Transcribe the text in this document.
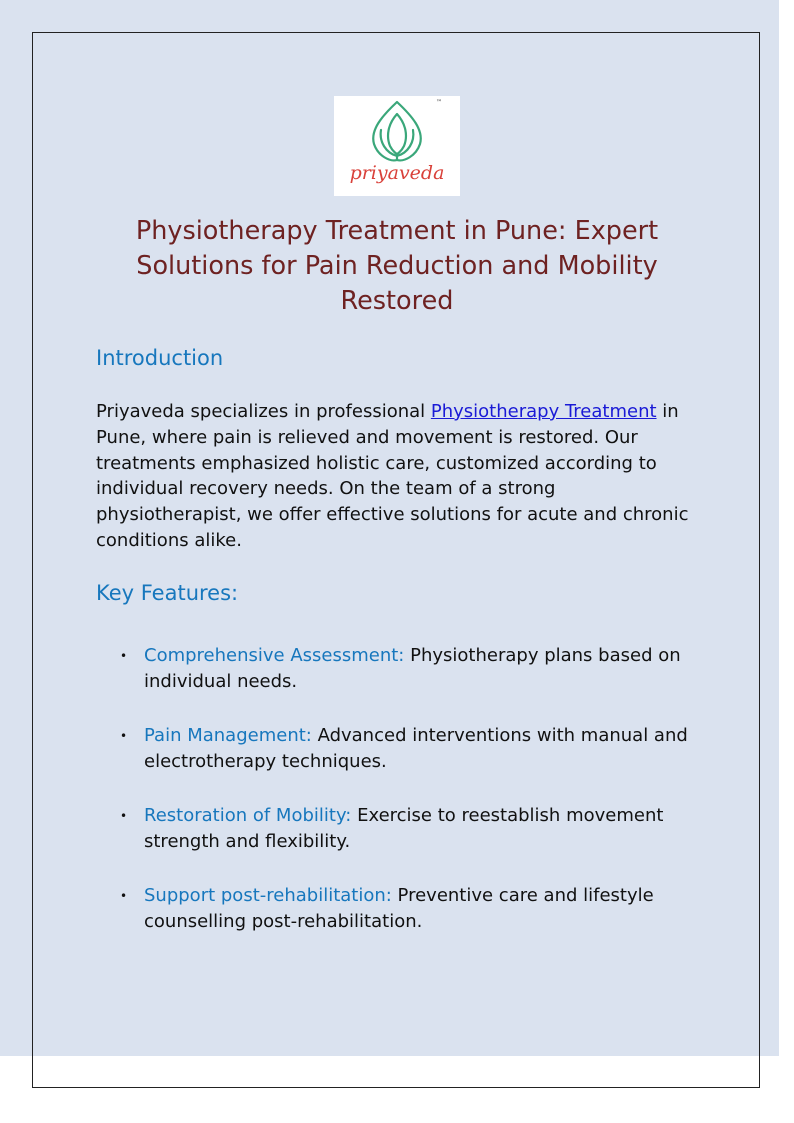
™
priyaveda
Physiotherapy Treatment in Pune: Expert Solutions for Pain Reduction and Mobility Restored
Introduction

Priyaveda specializes in professional Physiotherapy Treatment in Pune, where pain is relieved and movement is restored. Our treatments emphasized holistic care, customized according to individual recovery needs. On the team of a strong physiotherapist, we offer effective solutions for acute and chronic conditions alike.

Key Features:
• Comprehensive Assessment: Physiotherapy plans based on individual needs.
• Pain Management: Advanced interventions with manual and electrotherapy techniques.
• Restoration of Mobility: Exercise to reestablish movement strength and flexibility.
• Support post-rehabilitation: Preventive care and lifestyle counselling post-rehabilitation.
